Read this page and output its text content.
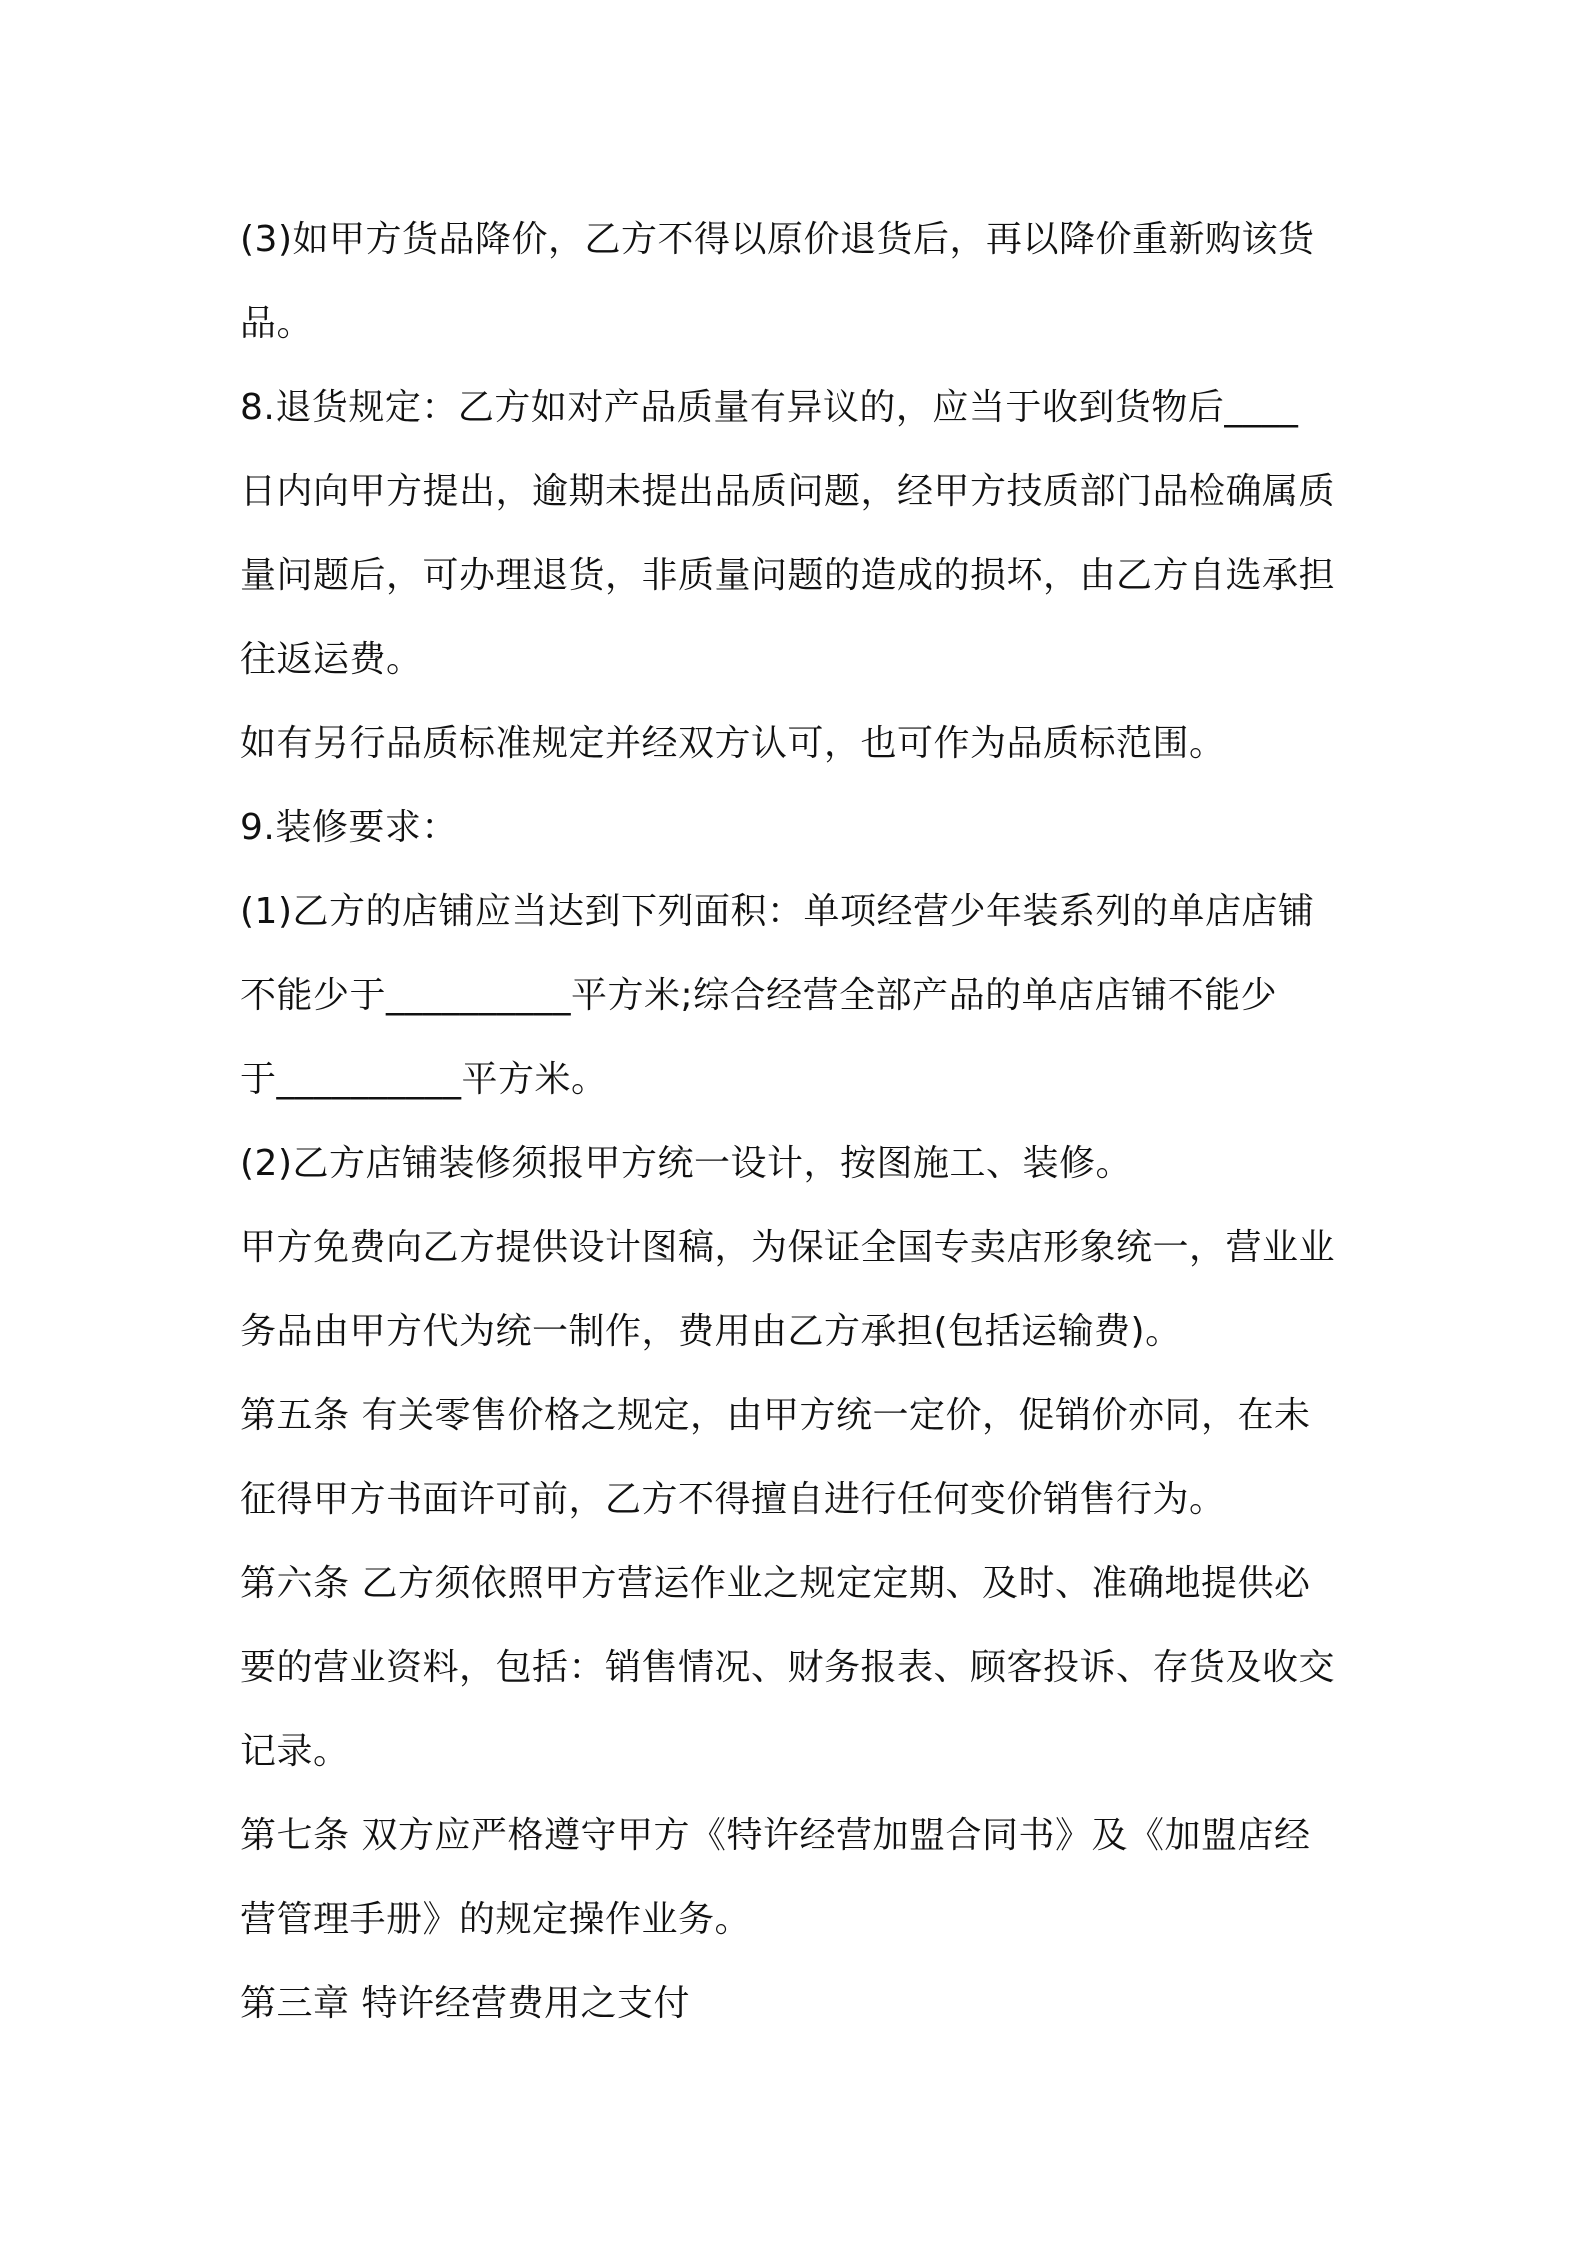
(3)如甲方货品降价，乙方不得以原价退货后，再以降价重新购该货
品。
8.退货规定：乙方如对产品质量有异议的，应当于收到货物后____
日内向甲方提出，逾期未提出品质问题，经甲方技质部门品检确属质
量问题后，可办理退货，非质量问题的造成的损坏，由乙方自选承担
往返运费。
如有另行品质标准规定并经双方认可，也可作为品质标范围。
9.装修要求：
(1)乙方的店铺应当达到下列面积：单项经营少年装系列的单店店铺
不能少于__________平方米;综合经营全部产品的单店店铺不能少
于__________平方米。
(2)乙方店铺装修须报甲方统一设计，按图施工、装修。
甲方免费向乙方提供设计图稿，为保证全国专卖店形象统一，营业业
务品由甲方代为统一制作，费用由乙方承担(包括运输费)。
第五条 有关零售价格之规定，由甲方统一定价，促销价亦同，在未
征得甲方书面许可前，乙方不得擅自进行任何变价销售行为。
第六条 乙方须依照甲方营运作业之规定定期、及时、准确地提供必
要的营业资料，包括：销售情况、财务报表、顾客投诉、存货及收交
记录。
第七条 双方应严格遵守甲方《特许经营加盟合同书》及《加盟店经
营管理手册》的规定操作业务。
第三章 特许经营费用之支付
